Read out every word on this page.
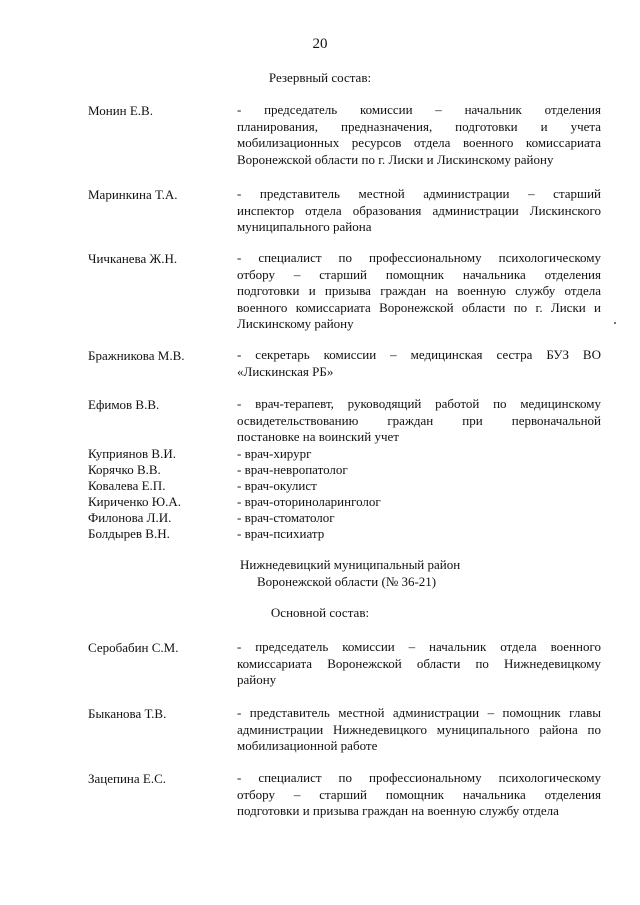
20
Резервный состав:
Монин Е.В.	- председатель комиссии – начальник отделения
планирования, предназначения, подготовки и учета
мобилизационных ресурсов отдела военного комиссариата
Воронежской области по г. Лиски и Лискинскому району
Маринкина Т.А.	- представитель местной администрации – старший
инспектор отдела образования администрации Лискинского
муниципального района
Чичканева Ж.Н.	- специалист по профессиональному психологическому
отбору – старший помощник начальника отделения
подготовки и призыва граждан на военную службу отдела
военного комиссариата Воронежской области по г. Лиски и
Лискинскому району
Бражникова М.В.	- секретарь комиссии – медицинская сестра БУЗ ВО
«Лискинская РБ»
Ефимов В.В.	- врач-терапевт, руководящий работой по медицинскому
освидетельствованию граждан при первоначальной
постановке на воинский учет
Куприянов В.И.	- врач-хирург
Корячко В.В.	- врач-невропатолог
Ковалева Е.П.	- врач-окулист
Кириченко Ю.А.	- врач-оториноларинголог
Филонова Л.И.	- врач-стоматолог
Болдырев В.Н.	- врач-психиатр
Нижнедевицкий муниципальный район
Воронежской области (№ 36-21)
Основной состав:
Серобабин С.М.	- председатель комиссии – начальник отдела военного
комиссариата Воронежской области по Нижнедевицкому
району
Быканова Т.В.	- представитель местной администрации – помощник главы
администрации Нижнедевицкого муниципального района по
мобилизационной работе
Зацепина Е.С.	- специалист по профессиональному психологическому
отбору – старший помощник начальника отделения
подготовки и призыва граждан на военную службу отдела
